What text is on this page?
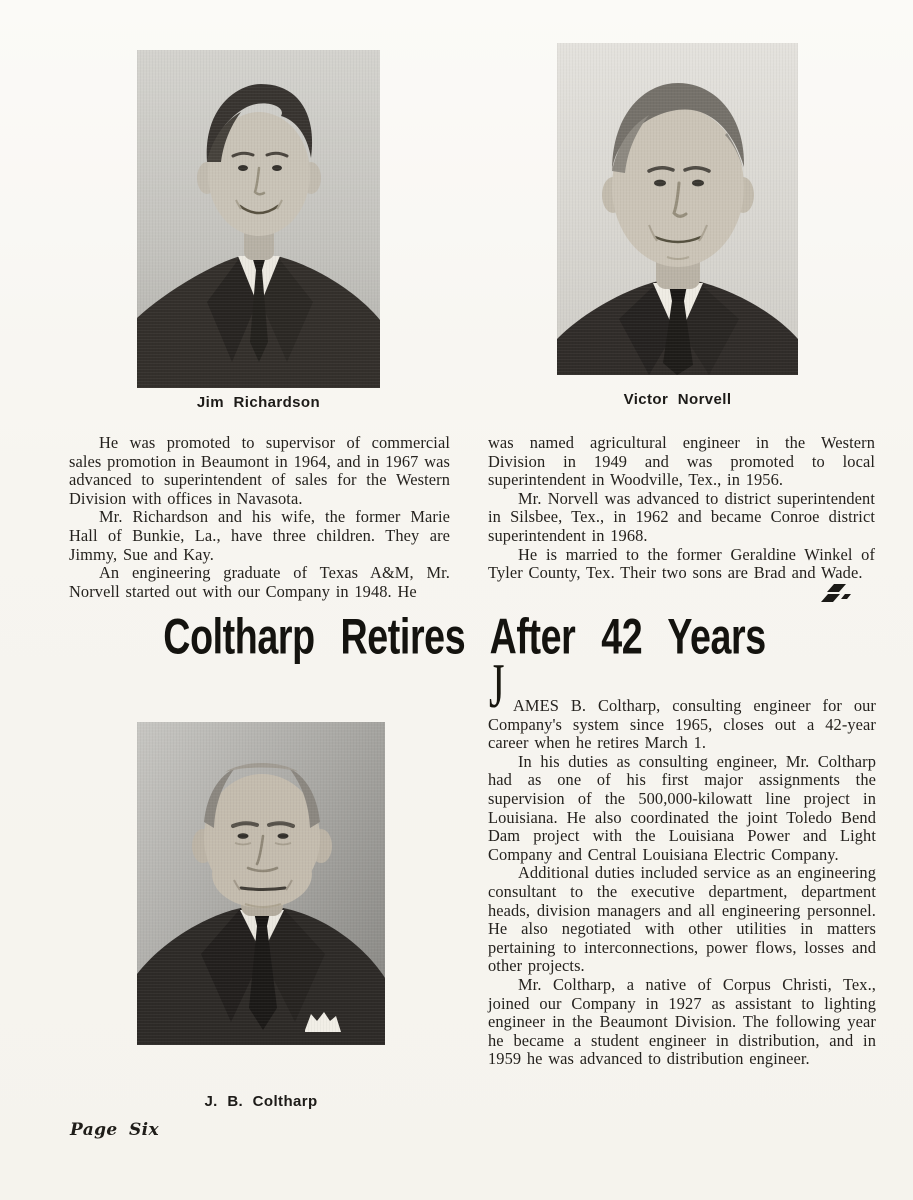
Jim Richardson	Victor Norvell
J. B. Coltharp

He was promoted to supervisor of commercial sales promotion in Beaumont in 1964, and in 1967 was advanced to superintendent of sales for the Western Division with offices in Navasota.

Mr. Richardson and his wife, the former Marie Hall of Bunkie, La., have three children. They are Jimmy, Sue and Kay.

An engineering graduate of Texas A&M, Mr. Norvell started out with our Company in 1948. He

was named agricultural engineer in the Western Division in 1949 and was promoted to local superintendent in Woodville, Tex., in 1956.

Mr. Norvell was advanced to district superintendent in Silsbee, Tex., in 1962 and became Conroe district superintendent in 1968.

He is married to the former Geraldine Winkel of Tyler County, Tex. Their two sons are Brad and Wade.

Coltharp Retires After 42 Years
J AMES B. Coltharp, consulting engineer for our Company's system since 1965, closes out a 42-year career when he retires March 1.

In his duties as consulting engineer, Mr. Coltharp had as one of his first major assignments the supervision of the 500,000-kilowatt line project in Louisiana. He also coordinated the joint Toledo Bend Dam project with the Louisiana Power and Light Company and Central Louisiana Electric Company.

Additional duties included service as an engineering consultant to the executive department, department heads, division managers and all engineering personnel. He also negotiated with other utilities in matters pertaining to interconnections, power flows, losses and other projects.

Mr. Coltharp, a native of Corpus Christi, Tex., joined our Company in 1927 as assistant to lighting engineer in the Beaumont Division. The following year he became a student engineer in distribution, and in 1959 he was advanced to distribution engineer.

Page Six
